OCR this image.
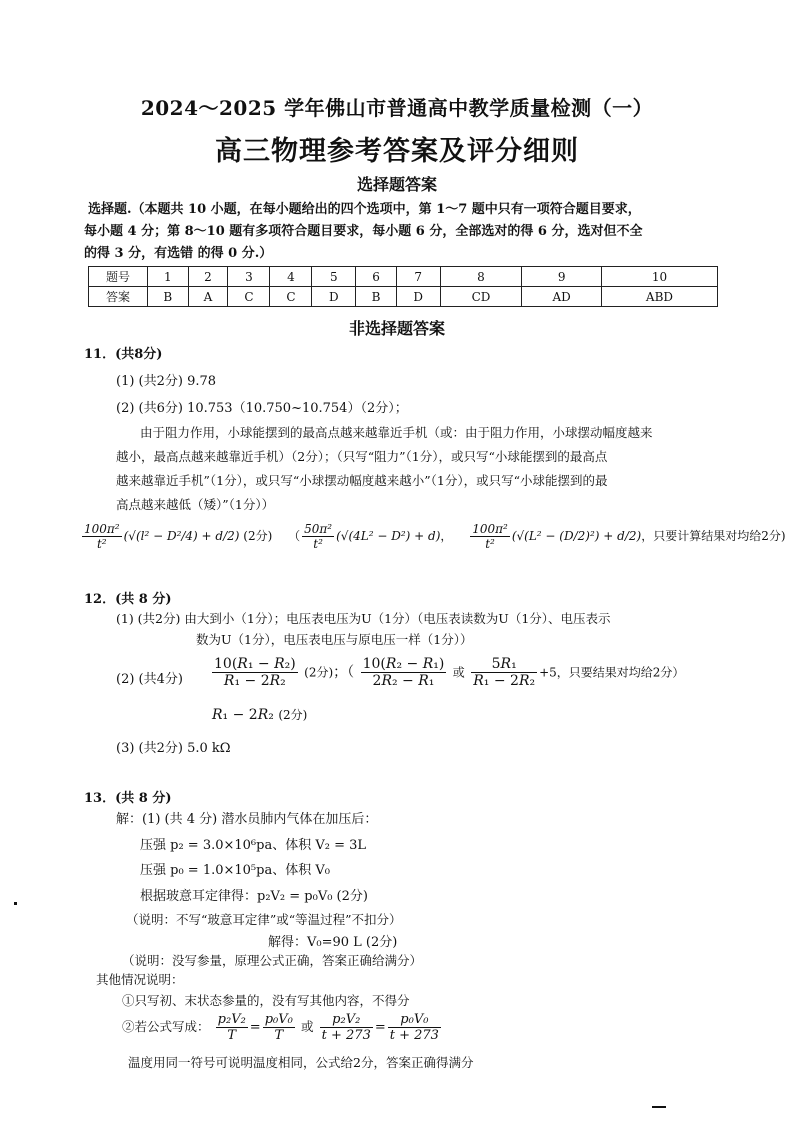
2024～2025 学年佛山市普通高中教学质量检测（一）
高三物理参考答案及评分细则
选择题答案
选择题.（本题共 10 小题，在每小题给出的四个选项中，第 1～7 题中只有一项符合题目要求，
每小题 4 分；第 8～10 题有多项符合题目要求，每小题 6 分，全部选对的得 6 分，选对但不全
的得 3 分，有选错 的得 0 分.）
题号	1	2	3	4	5	6	7	8	9	10
答案	B	A	C	C	D	B	D	CD	AD	ABD
非选择题答案
11．(共8分)
(1) (共2分) 9.78
(2) (共6分) 10.753（10.750~10.754）（2分）；
由于阻力作用，小球能摆到的最高点越来越靠近手机（或：由于阻力作用，小球摆动幅度越来
越小，最高点越来越靠近手机）（2分）；（只写“阻力”（1分），或只写“小球能摆到的最高点
越来越靠近手机”（1分），或只写“小球摆动幅度越来越小”（1分），或只写“小球能摆到的最
高点越来越低（矮）”（1分））
$\frac{\text{100π²}}{\text{t²}} (√(l^2 - D^2/4) + d/2)$ (2分) （ $\frac{\text{50π²}}{\text{t²}} (√(4L^2 - D^2) + d)$， $\frac{\text{100π²}}{\text{t²}} (√(L^2 - (D/2)^2) + d/2)$，只要计算结果对均给2分)
12．(共 8 分)
(1) (共2分) 由大到小（1分）；电压表电压为U（1分）（电压表读数为U（1分）、电压表示
数为U（1分），电压表电压与原电压一样（1分））
(2) (共4分) $\frac{\text{10(R₁ − R₂)}}{\text{R₁ − 2R₂}} (2$分)；（ $\frac{\text{10(R₂ − R₁)}}{\text{2R₂ − R₁}}$ 或 $\frac{\text{5R₁}}{\text{R₁ − 2R₂}} +5$，只要结果对均给2分）
R₁ − 2R₂ (2分)
(3) (共2分) 5.0 kΩ
13．(共 8 分)
解：(1) (共 4 分) 潜水员肺内气体在加压后：
压强 p₂ = 3.0×10⁶pa、体积 V₂ = 3L
压强 p₀ = 1.0×10⁵pa、体积 V₀
根据玻意耳定律得：p₂V₂ = p₀V₀ (2分)
（说明：不写“玻意耳定律”或“等温过程”不扣分）
解得：V₀=90 L (2分)
（说明：没写参量，原理公式正确，答案正确给满分）
其他情况说明：
①只写初、末状态参量的，没有写其他内容，不得分
②若公式写成： $\frac{\text{p₂V₂}}{T} = \frac{\text{p₀V₀}}{T}$ 或 $\frac{\text{p₂V₂}}{t + 273} = \frac{\text{p₀V₀}}{t + 273}$
温度用同一符号可说明温度相同，公式给2分，答案正确得满分
